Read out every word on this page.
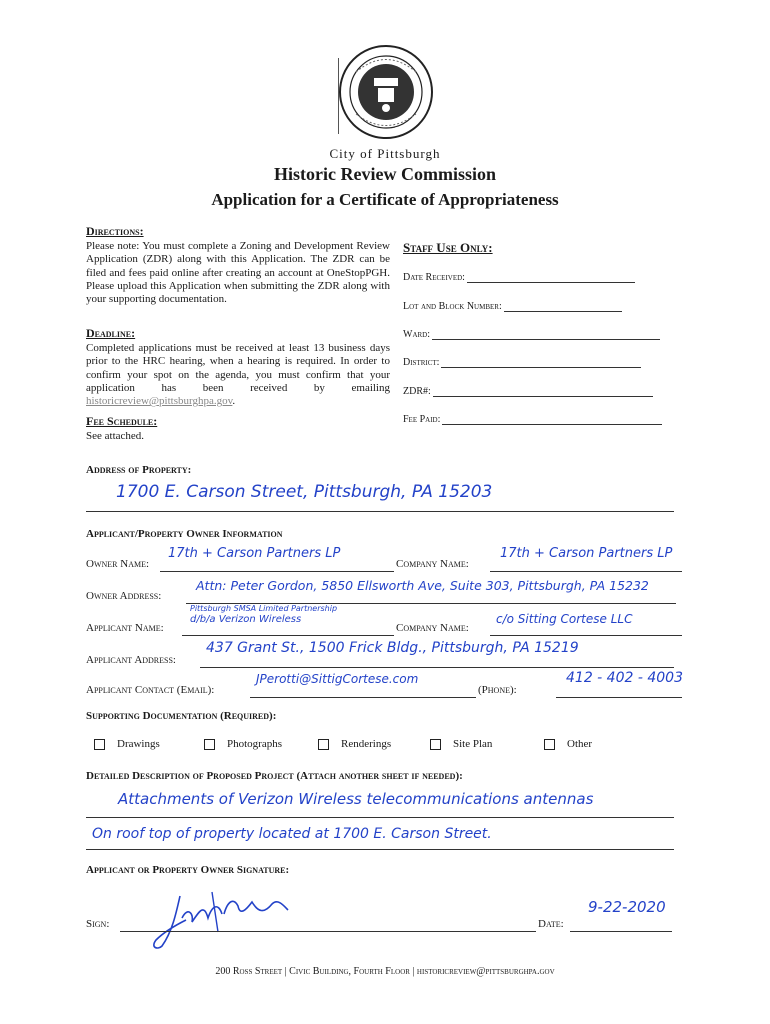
City of Pittsburgh
Historic Review Commission
Application for a Certificate of Appropriateness
Directions:
Please note: You must complete a Zoning and Development Review Application (ZDR) along with this Application. The ZDR can be filed and fees paid online after creating an account at OneStopPGH. Please upload this Application when submitting the ZDR along with your supporting documentation.
Deadline:
Completed applications must be received at least 13 business days prior to the HRC hearing, when a hearing is required. In order to confirm your spot on the agenda, you must confirm that your application has been received by emailing historicreview@pittsburghpa.gov.
Fee Schedule:
See attached.
Staff Use Only:
Date Received:
Lot and Block Number:
Ward:
District:
ZDR#:
Fee Paid:
Address of Property:
1700 E. Carson Street, Pittsburgh, PA 15203
Applicant/Property Owner Information
Owner Name:
17th + Carson Partners LP
Company Name:
17th + Carson Partners LP
Owner Address:
Attn: Peter Gordon, 5850 Ellsworth Ave, Suite 303, Pittsburgh, PA 15232
Pittsburgh SMSA Limited Partnership
Applicant Name:
d/b/a Verizon Wireless
Company Name:
c/o Sitting Cortese LLC
Applicant Address:
437 Grant St., 1500 Frick Bldg., Pittsburgh, PA 15219
Applicant Contact (Email):
JPerotti@SittigCortese.com
(Phone):
412 - 402 - 4003
Supporting Documentation (Required):
Drawings	Photographs	Renderings	Site Plan	Other
Detailed Description of Proposed Project (Attach another sheet if needed):
Attachments of Verizon Wireless telecommunications antennas
On roof top of property located at 1700 E. Carson Street.
Applicant or Property Owner Signature:
Sign:	Date:
9-22-2020
200 Ross Street | Civic Building, Fourth Floor | historicreview@pittsburghpa.gov
